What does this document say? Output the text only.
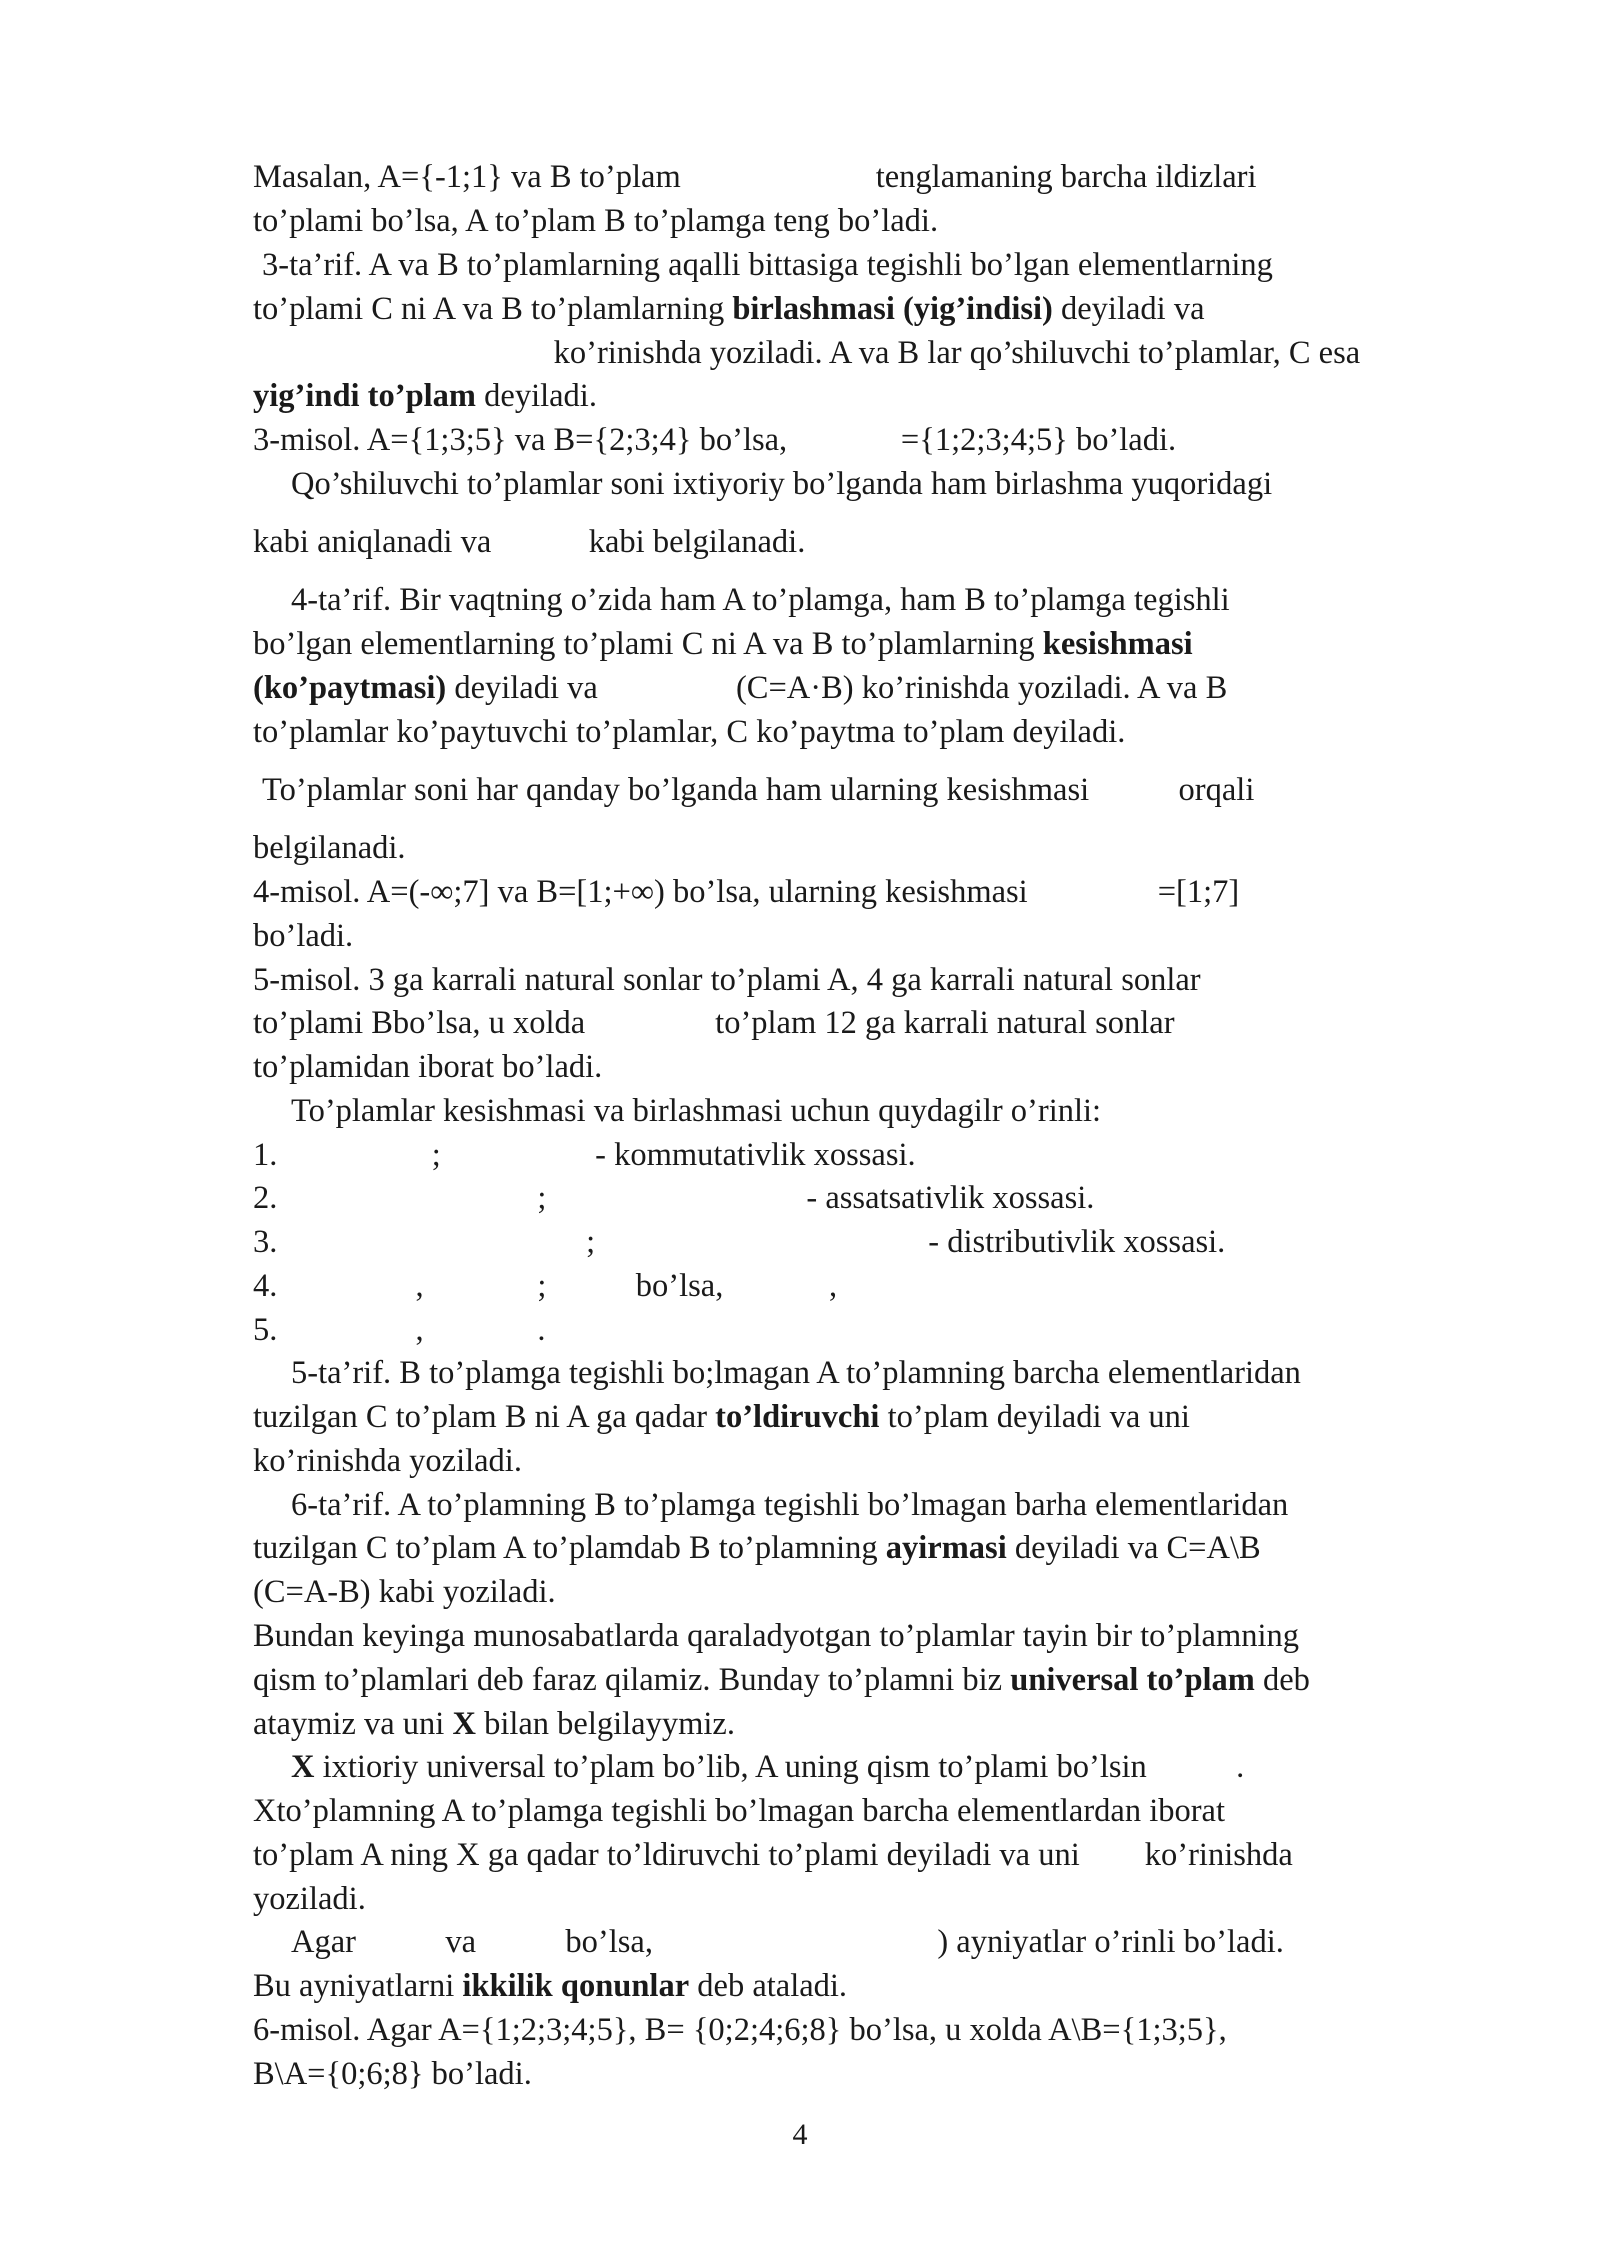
Masalan, A={-1;1} va B to’plam                        tenglamaning barcha ildizlari

to’plami bo’lsa, A to’plam B to’plamga teng bo’ladi.

3-ta’rif. A va B to’plamlarning aqalli bittasiga tegishli bo’lgan elementlarning

to’plami C ni A va B to’plamlarning birlashmasi (yig’indisi) deyiladi va

ko’rinishda yoziladi. A va B lar qo’shiluvchi to’plamlar, C esa

yig’indi to’plam deyiladi.

3-misol. A={1;3;5} va B={2;3;4} bo’lsa,              ={1;2;3;4;5} bo’ladi.

Qo’shiluvchi to’plamlar soni ixtiyoriy bo’lganda ham birlashma yuqoridagi

kabi aniqlanadi va            kabi belgilanadi.

4-ta’rif. Bir vaqtning o’zida ham A to’plamga, ham B to’plamga tegishli

bo’lgan elementlarning to’plami C ni A va B to’plamlarning kesishmasi

(ko’paytmasi) deyiladi va                 (C=A·B) ko’rinishda yoziladi. A va B

to’plamlar ko’paytuvchi to’plamlar, C ko’paytma to’plam deyiladi.

To’plamlar soni har qanday bo’lganda ham ularning kesishmasi           orqali

belgilanadi.

4-misol. A=(-∞;7] va B=[1;+∞) bo’lsa, ularning kesishmasi                =[1;7]

bo’ladi.

5-misol. 3 ga karrali natural sonlar to’plami A, 4 ga karrali natural sonlar

to’plami Bbo’lsa, u xolda                to’plam 12 ga karrali natural sonlar

to’plamidan iborat bo’ladi.

To’plamlar kesishmasi va birlashmasi uchun quydagilr o’rinli:

1.                   ;                   - kommutativlik xossasi.

2.                                ;                                - assatsativlik xossasi.

3.                                      ;                                         - distributivlik xossasi.

4.                 ,              ;           bo’lsa,             ,

5.                 ,              .

5-ta’rif. B to’plamga tegishli bo;lmagan A to’plamning barcha elementlaridan

tuzilgan C to’plam B ni A ga qadar to’ldiruvchi to’plam deyiladi va uni

ko’rinishda yoziladi.

6-ta’rif. A to’plamning B to’plamga tegishli bo’lmagan barha elementlaridan

tuzilgan C to’plam A to’plamdab B to’plamning ayirmasi deyiladi va C=A\B

(C=A-B) kabi yoziladi.

Bundan keyinga munosabatlarda qaraladyotgan to’plamlar tayin bir to’plamning

qism to’plamlari deb faraz qilamiz. Bunday to’plamni biz universal to’plam deb

ataymiz va uni X bilan belgilayymiz.

X ixtioriy universal to’plam bo’lib, A uning qism to’plami bo’lsin           .

Xto’plamning A to’plamga tegishli bo’lmagan barcha elementlardan iborat

to’plam A ning X ga qadar to’ldiruvchi to’plami deyiladi va uni        ko’rinishda

yoziladi.

Agar           va           bo’lsa,                                   ) ayniyatlar o’rinli bo’ladi.

Bu ayniyatlarni ikkilik qonunlar deb ataladi.

6-misol. Agar A={1;2;3;4;5}, B= {0;2;4;6;8} bo’lsa, u xolda A\B={1;3;5},

B\A={0;6;8} bo’ladi.

4
